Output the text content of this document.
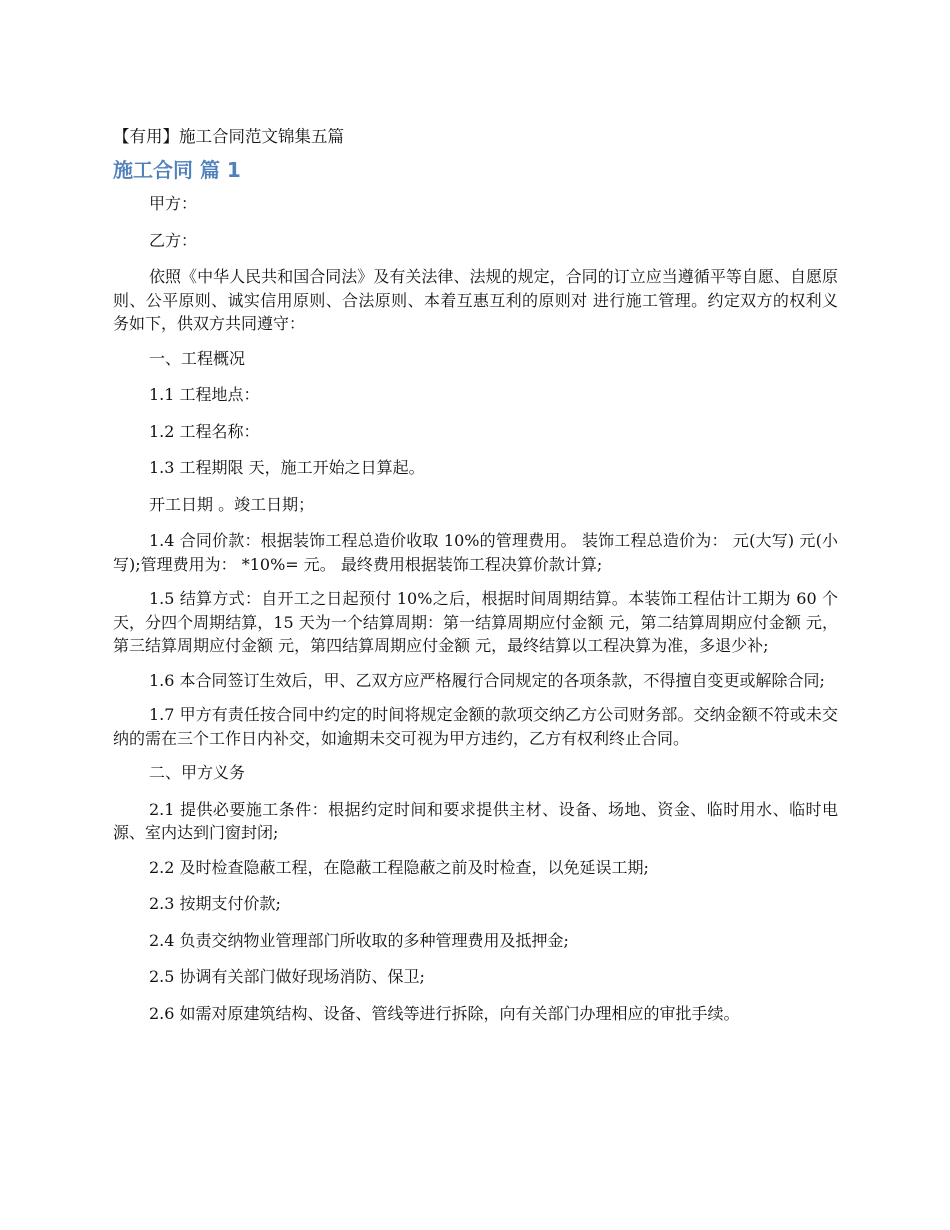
【有用】施工合同范文锦集五篇
施工合同 篇 1

甲方：

乙方：

依照《中华人民共和国合同法》及有关法律、法规的规定，合同的订立应当遵循平等自愿、自愿原则、公平原则、诚实信用原则、合法原则、本着互惠互利的原则对 进行施工管理。约定双方的权利义务如下，供双方共同遵守：

一、工程概况

1.1 工程地点：

1.2 工程名称：

1.3 工程期限 天，施工开始之日算起。

开工日期 。竣工日期；

1.4 合同价款：根据装饰工程总造价收取 10%的管理费用。 装饰工程总造价为： 元(大写) 元(小写);管理费用为： *10%= 元。 最终费用根据装饰工程决算价款计算;

1.5 结算方式：自开工之日起预付 10%之后，根据时间周期结算。本装饰工程估计工期为 60 个天，分四个周期结算，15 天为一个结算周期：第一结算周期应付金额 元，第二结算周期应付金额 元，第三结算周期应付金额 元，第四结算周期应付金额 元，最终结算以工程决算为准，多退少补;

1.6 本合同签订生效后，甲、乙双方应严格履行合同规定的各项条款，不得擅自变更或解除合同;

1.7 甲方有责任按合同中约定的时间将规定金额的款项交纳乙方公司财务部。交纳金额不符或未交纳的需在三个工作日内补交，如逾期未交可视为甲方违约，乙方有权利终止合同。

二、甲方义务

2.1 提供必要施工条件：根据约定时间和要求提供主材、设备、场地、资金、临时用水、临时电源、室内达到门窗封闭;

2.2 及时检查隐蔽工程，在隐蔽工程隐蔽之前及时检查，以免延误工期;

2.3 按期支付价款;

2.4 负责交纳物业管理部门所收取的多种管理费用及抵押金;

2.5 协调有关部门做好现场消防、保卫;

2.6 如需对原建筑结构、设备、管线等进行拆除，向有关部门办理相应的审批手续。
